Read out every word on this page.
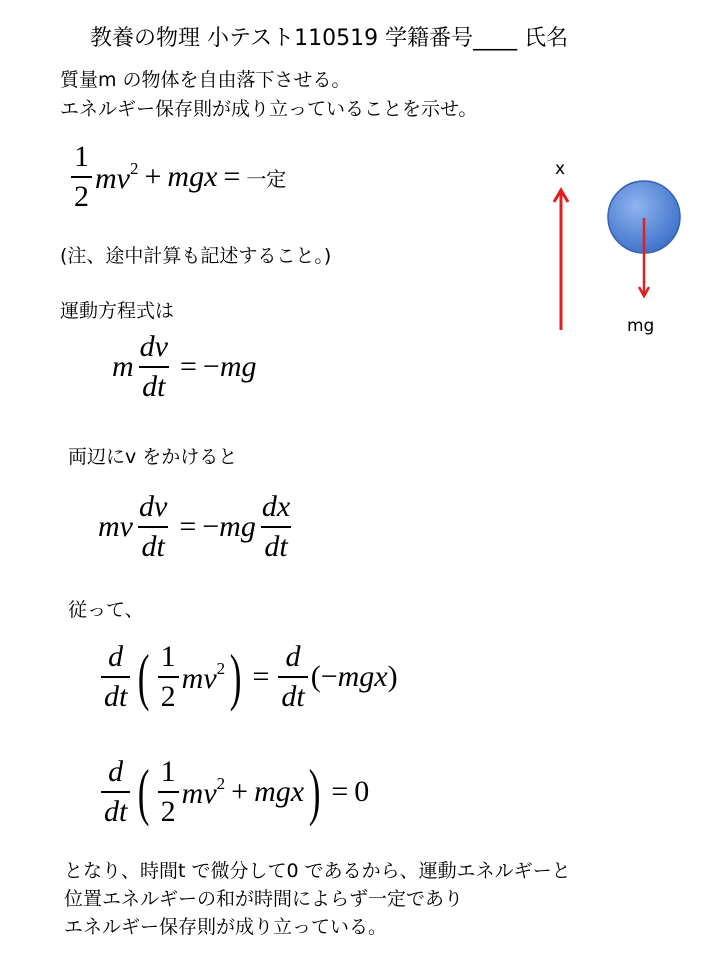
教養の物理 小テスト110519 学籍番号____ 氏名
質量m の物体を自由落下させる。
エネルギー保存則が成り立っていることを示せ。
$\frac{1}{2} mv^2$ + mgx = 一定
(注、途中計算も記述すること。)
x
mg
運動方程式は
m $\frac{dv}{dt} = -mg$
両辺にv をかけると
mv $\frac{dv}{dt} = -mg \frac{dx}{dt}$
従って、
$\frac{d}{dt}$ ( $\frac{1}{2} mv^2$ ) = $\frac{d}{dt} (-mgx)$
$\frac{d}{dt}$ ( $\frac{1}{2} mv^2$ + mgx ) = 0
となり、時間t で微分して0 であるから、運動エネルギーと
位置エネルギーの和が時間によらず一定であり
エネルギー保存則が成り立っている。
